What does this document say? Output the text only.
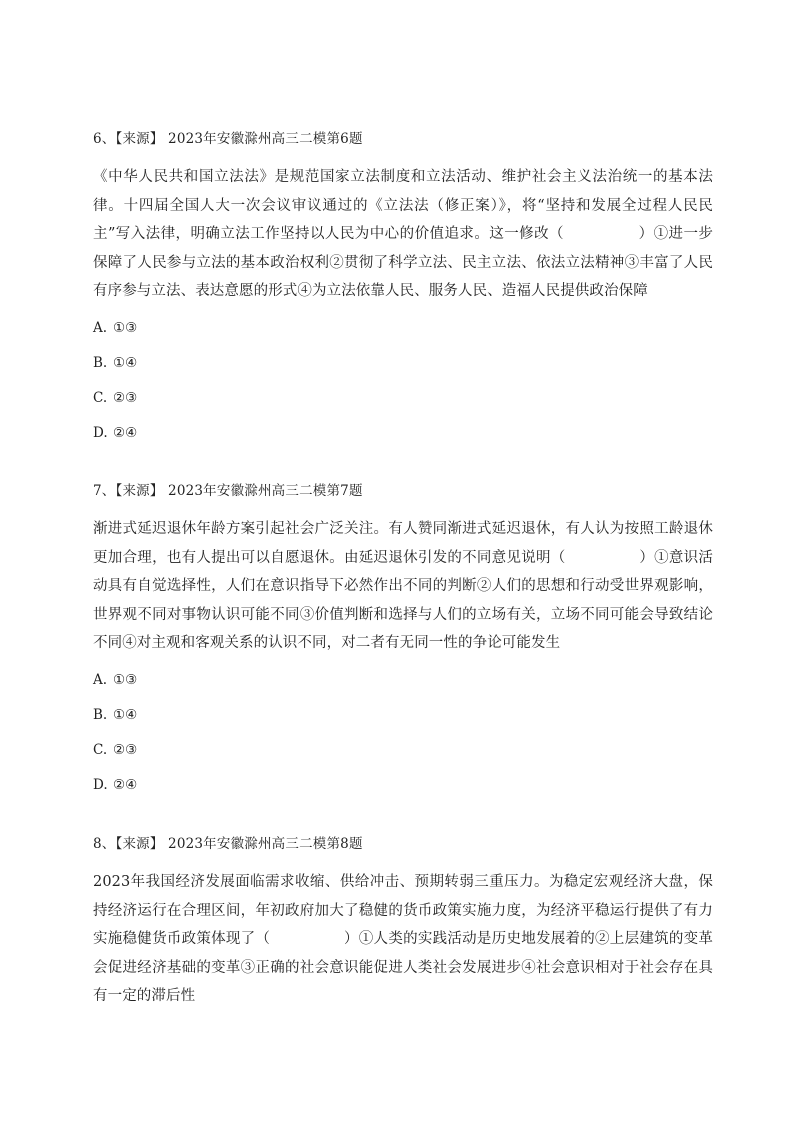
6、【来源】 2023年安徽滁州高三二模第6题
《中华人民共和国立法法》是规范国家立法制度和立法活动、维护社会主义法治统一的基本法律。十四届全国人大一次会议审议通过的《立法法（修正案）》，将“坚持和发展全过程人民民主”写入法律，明确立法工作坚持以人民为中心的价值追求。这一修改（　　　　　）①进一步保障了人民参与立法的基本政治权利②贯彻了科学立法、民主立法、依法立法精神③丰富了人民有序参与立法、表达意愿的形式④为立法依靠人民、服务人民、造福人民提供政治保障
A. ①③
B. ①④
C. ②③
D. ②④
7、【来源】 2023年安徽滁州高三二模第7题
渐进式延迟退休年龄方案引起社会广泛关注。有人赞同渐进式延迟退休，有人认为按照工龄退休更加合理，也有人提出可以自愿退休。由延迟退休引发的不同意见说明（　　　　　）①意识活动具有自觉选择性，人们在意识指导下必然作出不同的判断②人们的思想和行动受世界观影响，世界观不同对事物认识可能不同③价值判断和选择与人们的立场有关，立场不同可能会导致结论不同④对主观和客观关系的认识不同，对二者有无同一性的争论可能发生
A. ①③
B. ①④
C. ②③
D. ②④
8、【来源】 2023年安徽滁州高三二模第8题
2023年我国经济发展面临需求收缩、供给冲击、预期转弱三重压力。为稳定宏观经济大盘，保持经济运行在合理区间，年初政府加大了稳健的货币政策实施力度，为经济平稳运行提供了有力实施稳健货币政策体现了（　　　　　）①人类的实践活动是历史地发展着的②上层建筑的变革会促进经济基础的变革③正确的社会意识能促进人类社会发展进步④社会意识相对于社会存在具有一定的滞后性
